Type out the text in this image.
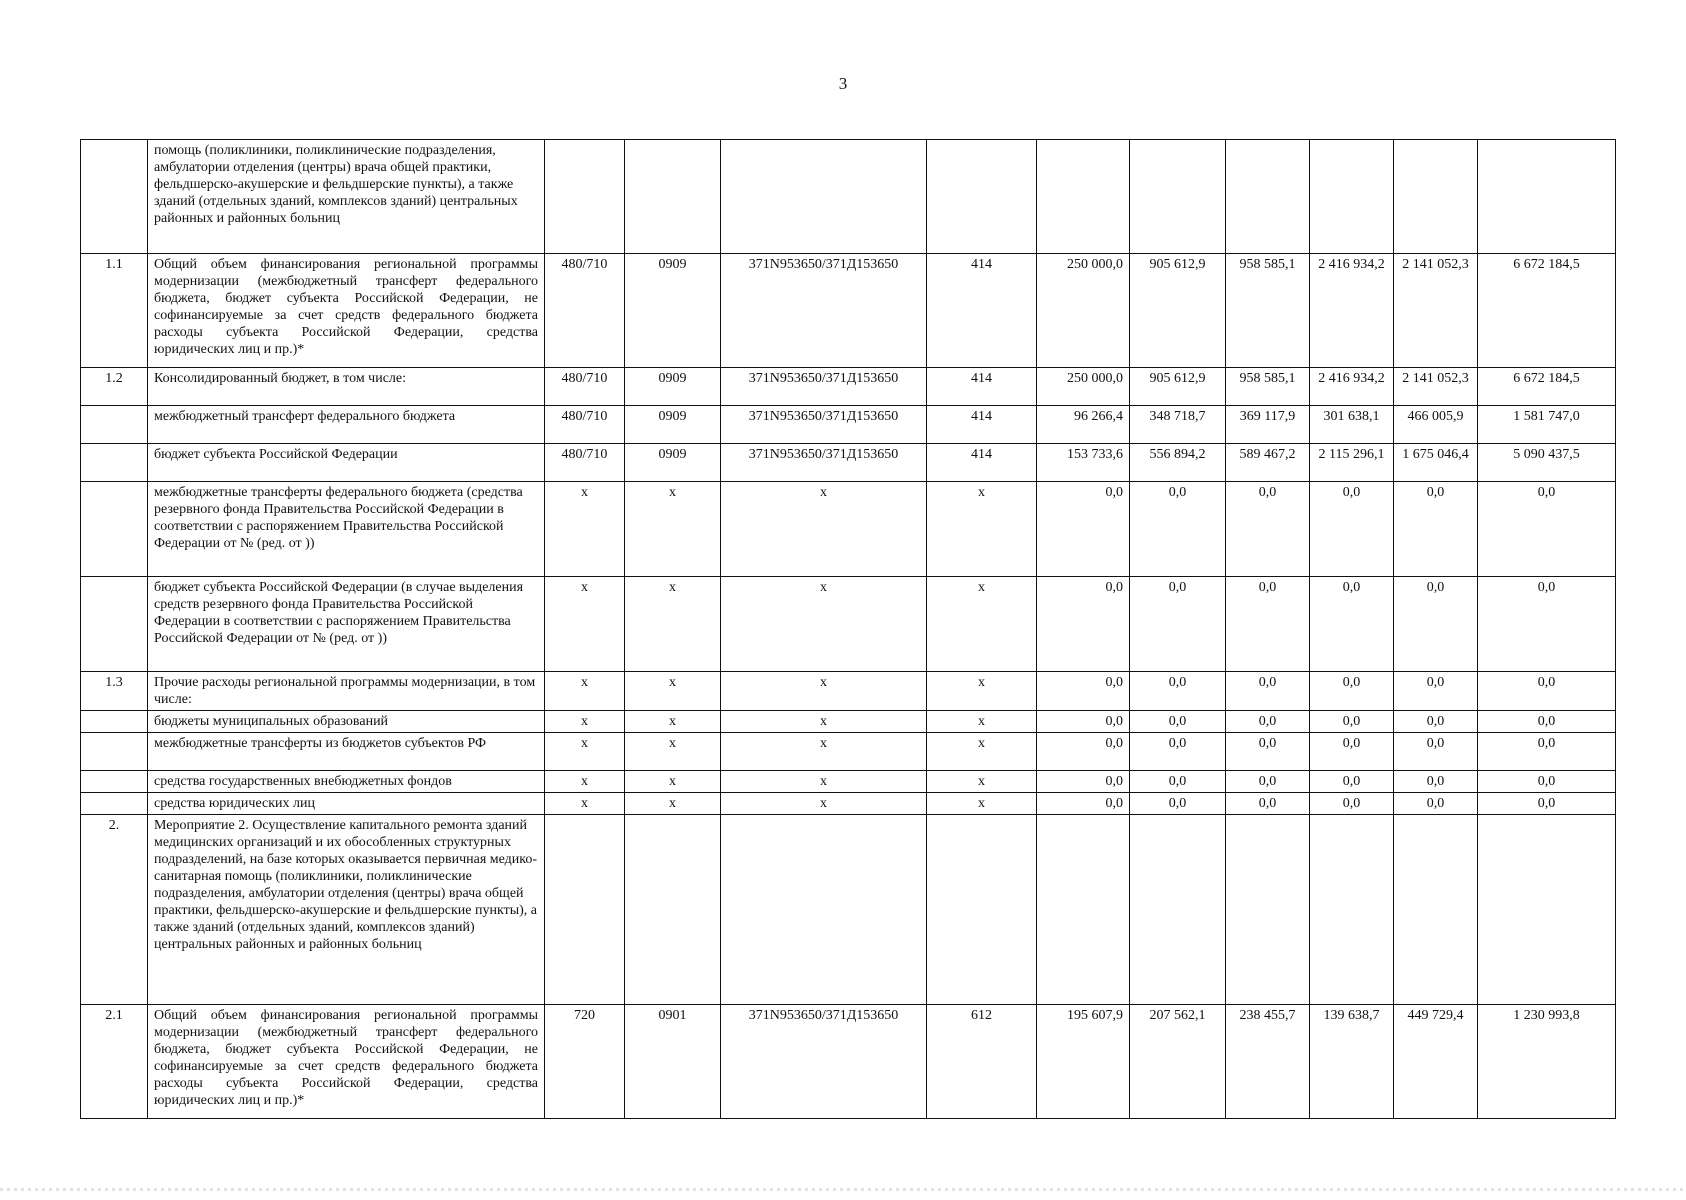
3
	помощь (поликлиники, поликлинические подразделения, амбулатории отделения (центры) врача общей практики, фельдшерско-акушерские и фельдшерские пункты), а также зданий (отдельных зданий, комплексов зданий) центральных районных и районных больниц										
1.1	Общий объем финансирования региональной программы модернизации (межбюджетный трансферт федерального бюджета, бюджет субъекта Российской Федерации, не софинансируемые за счет средств федерального бюджета расходы субъекта Российской Федерации, средства юридических лиц и пр.)*	480/710	0909	371N953650/371Д153650	414	250 000,0	905 612,9	958 585,1	2 416 934,2	2 141 052,3	6 672 184,5
1.2	Консолидированный бюджет, в том числе:	480/710	0909	371N953650/371Д153650	414	250 000,0	905 612,9	958 585,1	2 416 934,2	2 141 052,3	6 672 184,5
	межбюджетный трансферт федерального бюджета	480/710	0909	371N953650/371Д153650	414	96 266,4	348 718,7	369 117,9	301 638,1	466 005,9	1 581 747,0
	бюджет субъекта Российской Федерации	480/710	0909	371N953650/371Д153650	414	153 733,6	556 894,2	589 467,2	2 115 296,1	1 675 046,4	5 090 437,5
	межбюджетные трансферты федерального бюджета (средства резервного фонда Правительства Российской Федерации в соответствии с распоряжением Правительства Российской Федерации от № (ред. от ))	x	x	x	x	0,0	0,0	0,0	0,0	0,0	0,0
	бюджет субъекта Российской Федерации (в случае выделения средств резервного фонда Правительства Российской Федерации в соответствии с распоряжением Правительства Российской Федерации от № (ред. от ))	x	x	x	x	0,0	0,0	0,0	0,0	0,0	0,0
1.3	Прочие расходы региональной программы модернизации, в том числе:	x	x	x	x	0,0	0,0	0,0	0,0	0,0	0,0
	бюджеты муниципальных образований	x	x	x	x	0,0	0,0	0,0	0,0	0,0	0,0
	межбюджетные трансферты из бюджетов субъектов РФ	x	x	x	x	0,0	0,0	0,0	0,0	0,0	0,0
	средства государственных внебюджетных фондов	x	x	x	x	0,0	0,0	0,0	0,0	0,0	0,0
	средства юридических лиц	x	x	x	x	0,0	0,0	0,0	0,0	0,0	0,0
2.	Мероприятие 2. Осуществление капитального ремонта зданий медицинских организаций и их обособленных структурных подразделений, на базе которых оказывается первичная медико-санитарная помощь (поликлиники, поликлинические подразделения, амбулатории отделения (центры) врача общей практики, фельдшерско-акушерские и фельдшерские пункты), а также зданий (отдельных зданий, комплексов зданий) центральных районных и районных больниц										
2.1	Общий объем финансирования региональной программы модернизации (межбюджетный трансферт федерального бюджета, бюджет субъекта Российской Федерации, не софинансируемые за счет средств федерального бюджета расходы субъекта Российской Федерации, средства юридических лиц и пр.)*	720	0901	371N953650/371Д153650	612	195 607,9	207 562,1	238 455,7	139 638,7	449 729,4	1 230 993,8
